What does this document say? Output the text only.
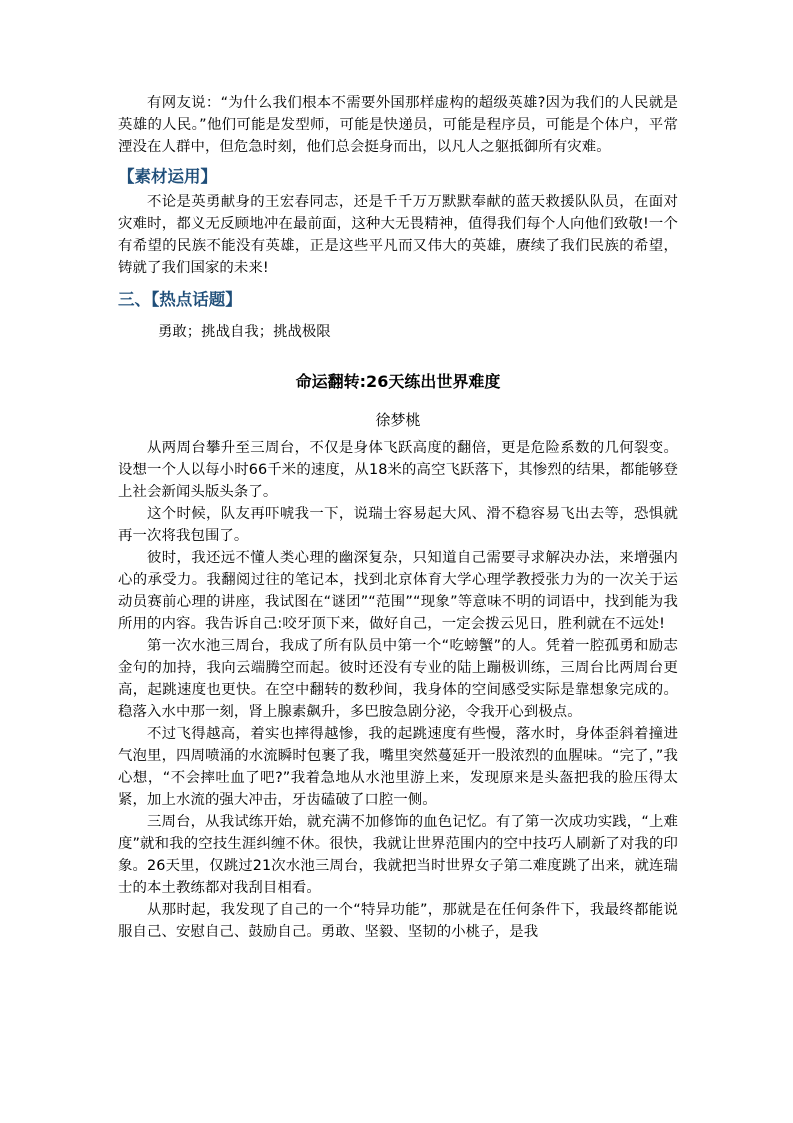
有网友说：“为什么我们根本不需要外国那样虚构的超级英雄?因为我们的人民就是英雄的人民。”他们可能是发型师，可能是快递员，可能是程序员，可能是个体户，平常湮没在人群中，但危急时刻，他们总会挺身而出，以凡人之躯抵御所有灾难。

【素材运用】

不论是英勇献身的王宏春同志，还是千千万万默默奉献的蓝天救援队队员，在面对灾难时，都义无反顾地冲在最前面，这种大无畏精神，值得我们每个人向他们致敬!一个有希望的民族不能没有英雄，正是这些平凡而又伟大的英雄，赓续了我们民族的希望，铸就了我们国家的未来!

三、【热点话题】
勇敢；挑战自我；挑战极限
命运翻转:26天练出世界难度
徐梦桃

从两周台攀升至三周台，不仅是身体飞跃高度的翻倍，更是危险系数的几何裂变。设想一个人以每小时66千米的速度，从18米的高空飞跃落下，其惨烈的结果，都能够登上社会新闻头版头条了。

这个时候，队友再吓唬我一下，说瑞士容易起大风、滑不稳容易飞出去等，恐惧就再一次将我包围了。

彼时，我还远不懂人类心理的幽深复杂，只知道自己需要寻求解决办法，来增强内心的承受力。我翻阅过往的笔记本，找到北京体育大学心理学教授张力为的一次关于运动员赛前心理的讲座，我试图在“谜团”“范围”“现象”等意味不明的词语中，找到能为我所用的内容。我告诉自己:咬牙顶下来，做好自己，一定会拨云见日，胜利就在不远处!

第一次水池三周台，我成了所有队员中第一个“吃螃蟹”的人。凭着一腔孤勇和励志金句的加持，我向云端腾空而起。彼时还没有专业的陆上蹦极训练，三周台比两周台更高，起跳速度也更快。在空中翻转的数秒间，我身体的空间感受实际是靠想象完成的。稳落入水中那一刻，肾上腺素飙升，多巴胺急剧分泌，令我开心到极点。

不过飞得越高，着实也摔得越惨，我的起跳速度有些慢，落水时，身体歪斜着撞进气泡里，四周喷涌的水流瞬时包裹了我，嘴里突然蔓延开一股浓烈的血腥味。“完了，”我心想，“不会摔吐血了吧?”我着急地从水池里游上来，发现原来是头盔把我的脸压得太紧，加上水流的强大冲击，牙齿磕破了口腔一侧。

三周台，从我试练开始，就充满不加修饰的血色记忆。有了第一次成功实践，“上难度”就和我的空技生涯纠缠不休。很快，我就让世界范围内的空中技巧人刷新了对我的印象。26天里，仅跳过21次水池三周台，我就把当时世界女子第二难度跳了出来，就连瑞士的本土教练都对我刮目相看。

从那时起，我发现了自己的一个“特异功能”，那就是在任何条件下，我最终都能说服自己、安慰自己、鼓励自己。勇敢、坚毅、坚韧的小桃子，是我
